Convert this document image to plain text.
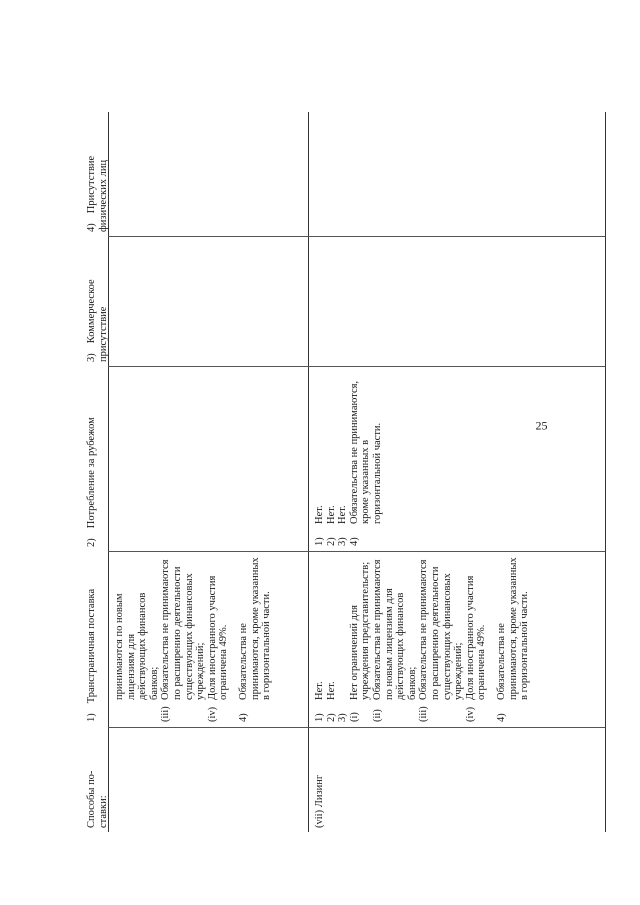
25
Способы по-ставки:
1)Трансграничная поставка
2)Потребление за рубежом
3)Коммерческое присутствие
4)Присутствие физических лиц

принимаются по новым лицензиям для действующих финансов банков;

(iii)
Обязательства не принимаются по расширению деятельности существующих финансовых учреждений;
(iv)
Доля иностранного участия ограничена 49%.
4)
Обязательства не принимаются, кроме указанных в горизонтальной части.

(vii) Лизинг

1)
Нет.
2)
Нет.
3) (i)
Нет ограничений для учреждения представительств;
(ii)
Обязательства не принимаются по новым лицензиям для действующих финансов банков;
(iii)
Обязательства не принимаются по расширению деятельности существующих финансовых учреждений;
(iv)
Доля иностранного участия ограничена 49%.
4)
Обязательства не принимаются, кроме указанных в горизонтальной части.
1)
Нет.
2)
Нет.
3)
Нет.
4)
Обязательства не принимаются, кроме указанных в горизонтальной части.
